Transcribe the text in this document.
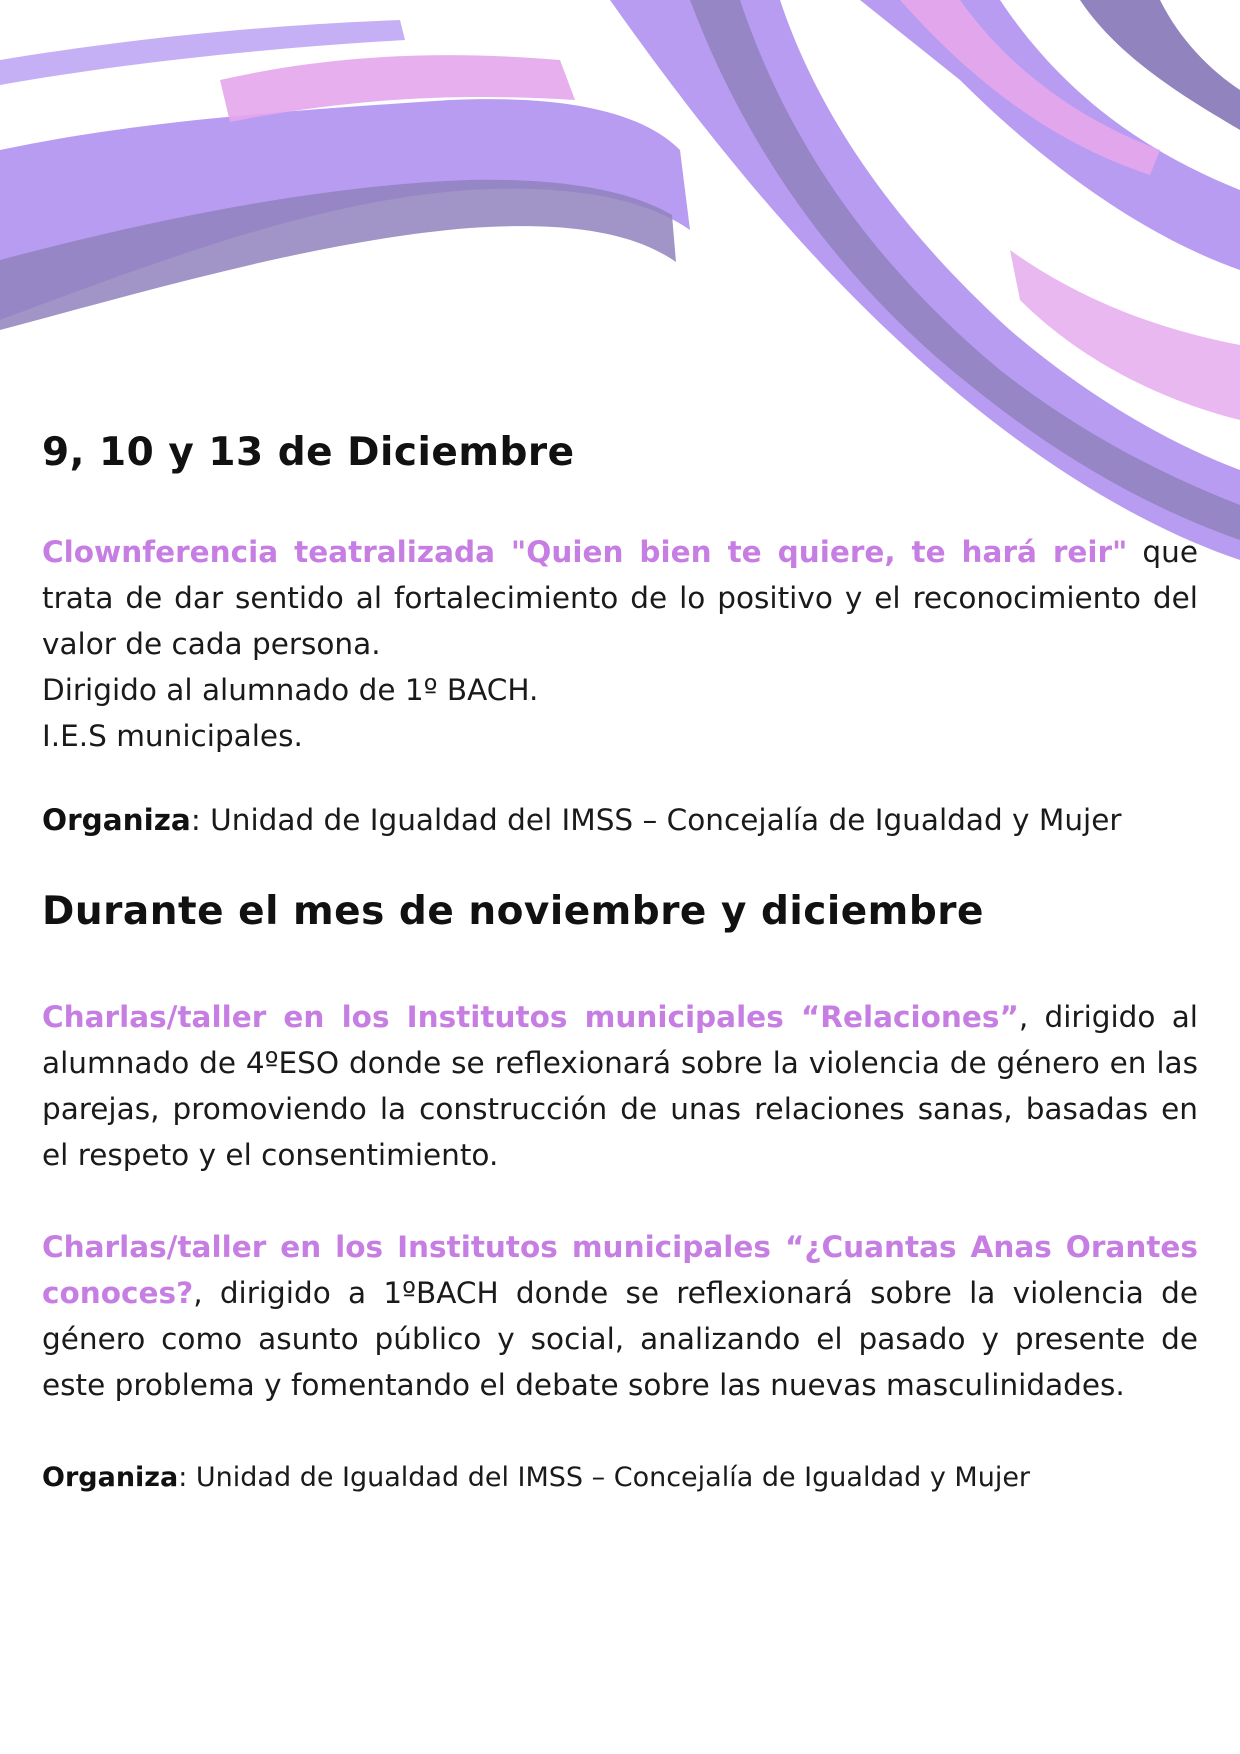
9, 10 y 13 de Diciembre

Clownferencia teatralizada "Quien bien te quiere, te hará reir" que trata de dar sentido al fortalecimiento de lo positivo y el reconocimiento del valor de cada persona.

Dirigido al alumnado de 1º BACH.

I.E.S municipales.

Organiza: Unidad de Igualdad del IMSS – Concejalía de Igualdad y Mujer

Durante el mes de noviembre y diciembre

Charlas/taller en los Institutos municipales “Relaciones”, dirigido al alumnado de 4ºESO donde se reflexionará sobre la violencia de género en las parejas, promoviendo la construcción de unas relaciones sanas, basadas en el respeto y el consentimiento.

Charlas/taller en los Institutos municipales “¿Cuantas Anas Orantes conoces?, dirigido a 1ºBACH donde se reflexionará sobre la violencia de género como asunto público y social, analizando el pasado y presente de este problema y fomentando el debate sobre las nuevas masculinidades.

Organiza: Unidad de Igualdad del IMSS – Concejalía de Igualdad y Mujer
